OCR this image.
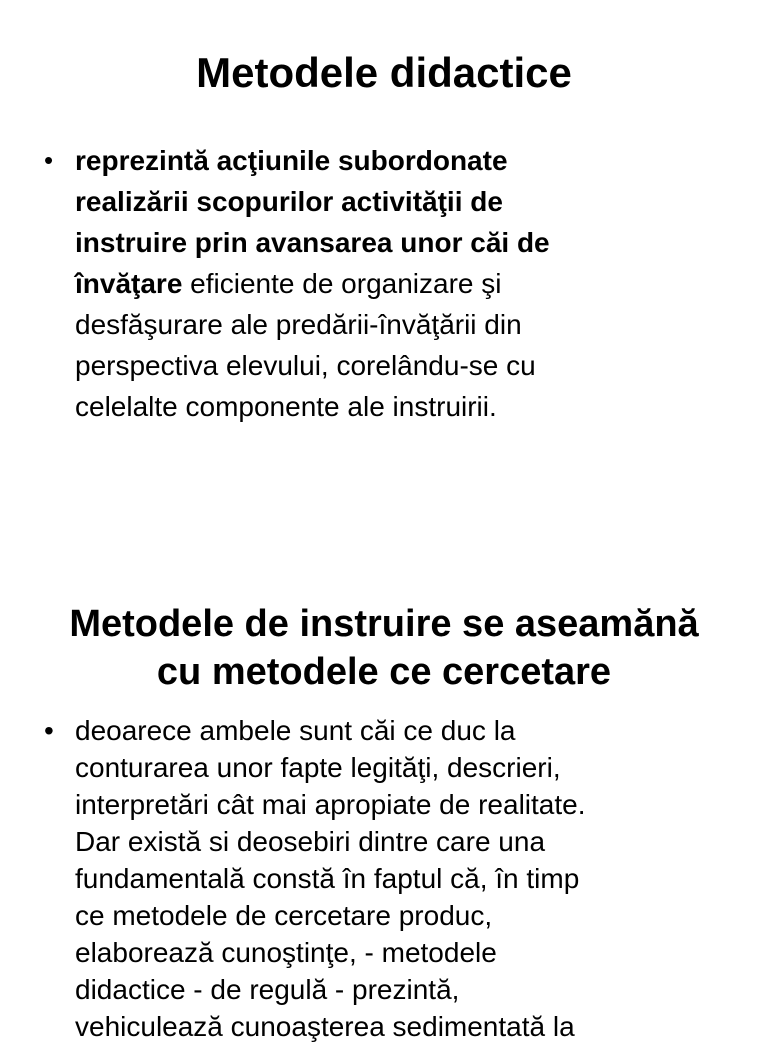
Metodele didactice
• reprezintă acţiunile subordonate
realizării scopurilor activităţii de
instruire prin avansarea unor căi de
învăţare eficiente de organizare şi
desfăşurare ale predării-învăţării din
perspectiva elevului, corelându-se cu
celelalte componente ale instruirii.

Metodele de instruire se aseamănă
cu metodele ce cercetare
• deoarece ambele sunt căi ce duc la
conturarea unor fapte legităţi, descrieri,
interpretări cât mai apropiate de realitate.
Dar există si deosebiri dintre care una
fundamentală constă în faptul că, în timp
ce metodele de cercetare produc,
elaborează cunoştinţe, - metodele
didactice - de regulă - prezintă,
vehiculează cunoaşterea sedimentată la
